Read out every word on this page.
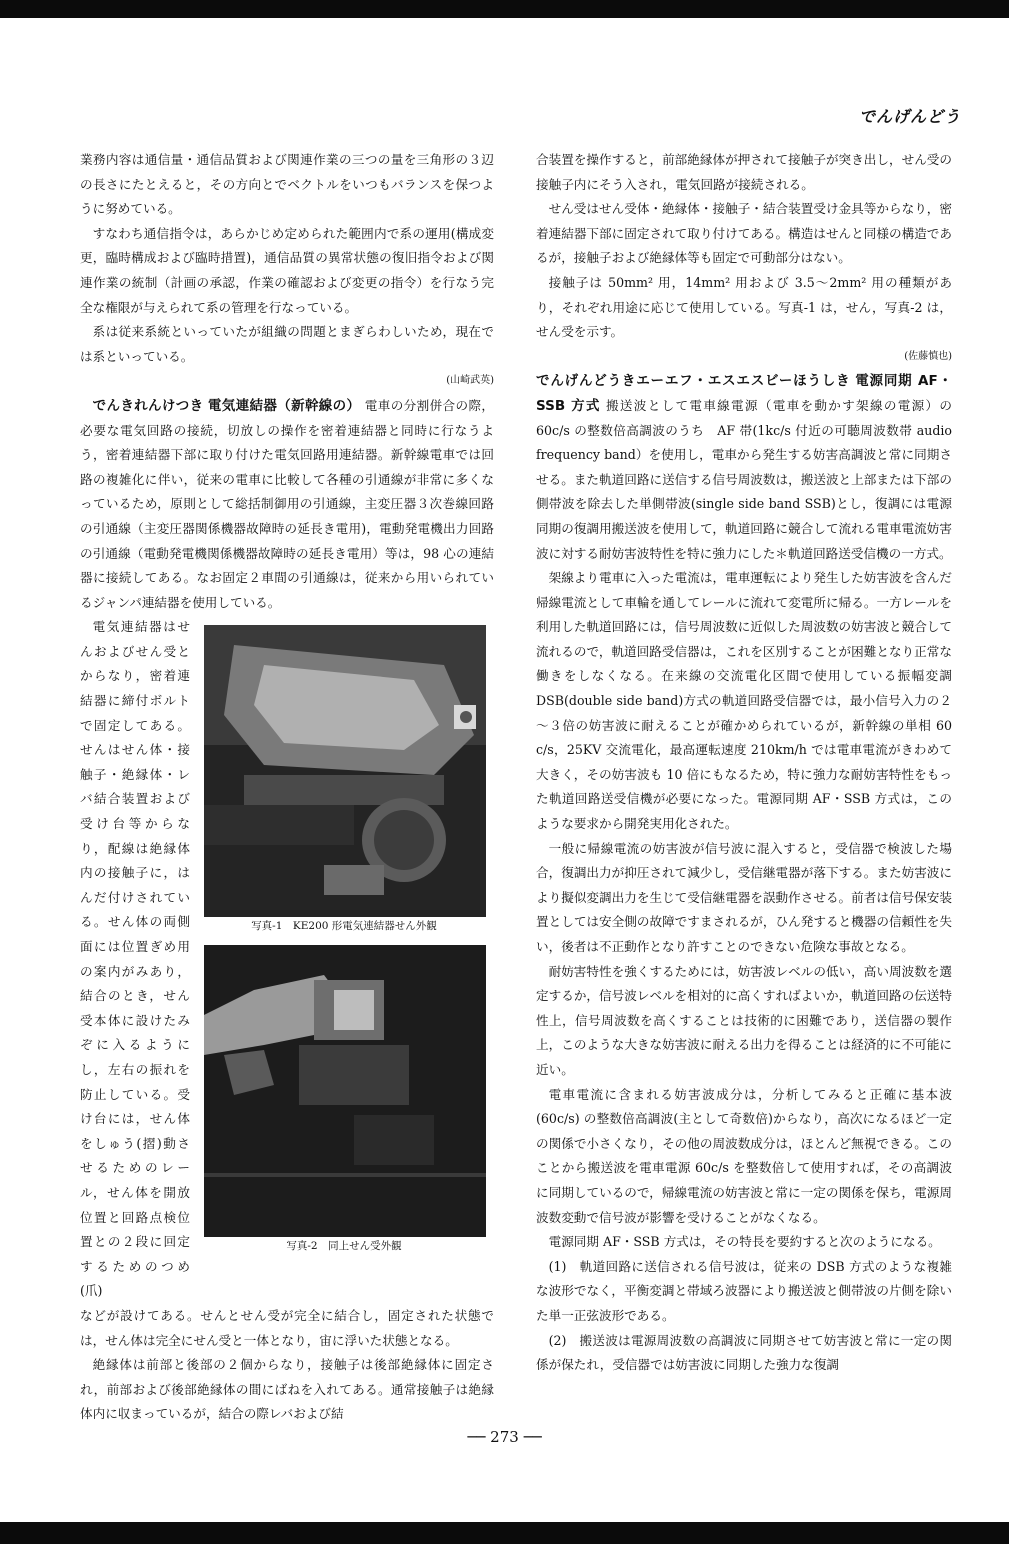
でんげんどう

業務内容は通信量・通信品質および関連作業の三つの量を三角形の３辺の長さにたとえると，その方向とでベクトルをいつもバランスを保つように努めている。

すなわち通信指令は，あらかじめ定められた範囲内で系の運用(構成変更，臨時構成および臨時措置)，通信品質の異常状態の復旧指令および関連作業の統制（計画の承認，作業の確認および変更の指令）を行なう完全な権限が与えられて系の管理を行なっている。

系は従来系統といっていたが組織の問題とまぎらわしいため，現在では系といっている。

(山崎武英)

でんきれんけつき 電気連結器（新幹線の） 電車の分割併合の際，必要な電気回路の接続，切放しの操作を密着連結器と同時に行なうよう，密着連結器下部に取り付けた電気回路用連結器。新幹線電車では回路の複雑化に伴い，従来の電車に比較して各種の引通線が非常に多くなっているため，原則として総括制御用の引通線，主変圧器３次巻線回路の引通線（主変圧器関係機器故障時の延長き電用)，電動発電機出力回路の引通線（電動発電機関係機器故障時の延長き電用）等は，98 心の連結器に接続してある。なお固定２車間の引通線は，従来から用いられているジャンパ連結器を使用している。

電気連結器はせんおよびせん受とからなり，密着連結器に締付ボルトで固定してある。せんはせん体・接触子・絶縁体・レバ結合装置および受け台等からなり，配線は絶縁体内の接触子に，はんだ付けされている。せん体の両側面には位置ぎめ用の案内がみあり，結合のとき，せん受本体に設けたみぞに入るようにし，左右の振れを防止している。受け台には，せん体をしゅう(摺)動させるためのレール，せん体を開放位置と回路点検位置との２段に回定するためのつめ(爪)

写真-1　KE200 形電気連結器せん外観

写真-2　同上せん受外観

などが設けてある。せんとせん受が完全に結合し，固定された状態では，せん体は完全にせん受と一体となり，宙に浮いた状態となる。

絶縁体は前部と後部の２個からなり，接触子は後部絶縁体に固定され，前部および後部絶縁体の間にばねを入れてある。通常接触子は絶縁体内に収まっているが，結合の際レバおよび結

合装置を操作すると，前部絶縁体が押されて接触子が突き出し，せん受の接触子内にそう入され，電気回路が接続される。

せん受はせん受体・絶縁体・接触子・結合装置受け金具等からなり，密着連結器下部に固定されて取り付けてある。構造はせんと同様の構造であるが，接触子および絶縁体等も固定で可動部分はない。

接触子は 50mm² 用，14mm² 用および 3.5～2mm² 用の種類があり，それぞれ用途に応じて使用している。写真-1 は，せん，写真-2 は，せん受を示す。

(佐藤慎也)

でんげんどうきエーエフ・エスエスビーほうしき 電源同期 AF・SSB 方式 搬送波として電車線電源（電車を動かす架線の電源）の 60c/s の整数倍高調波のうち　AF 帯(1kc/s 付近の可聴周波数帯 audio frequency band）を使用し，電車から発生する妨害高調波と常に同期させる。また軌道回路に送信する信号周波数は，搬送波と上部または下部の側帯波を除去した単側帯波(single side band SSB)とし，復調には電源同期の復調用搬送波を使用して，軌道回路に競合して流れる電車電流妨害波に対する耐妨害波特性を特に強力にした＊軌道回路送受信機の一方式。

架線より電車に入った電流は，電車運転により発生した妨害波を含んだ帰線電流として車輪を通してレールに流れて変電所に帰る。一方レールを利用した軌道回路には，信号周波数に近似した周波数の妨害波と競合して流れるので，軌道回路受信器は，これを区別することが困難となり正常な働きをしなくなる。在来線の交流電化区間で使用している振幅変調 DSB(double side band)方式の軌道回路受信器では，最小信号入力の２～３倍の妨害波に耐えることが確かめられているが，新幹線の単相 60 c/s，25KV 交流電化，最高運転速度 210km/h では電車電流がきわめて大きく，その妨害波も 10 倍にもなるため，特に強力な耐妨害特性をもった軌道回路送受信機が必要になった。電源同期 AF・SSB 方式は，このような要求から開発実用化された。

一般に帰線電流の妨害波が信号波に混入すると，受信器で検波した場合，復調出力が抑圧されて減少し，受信継電器が落下する。また妨害波により擬似変調出力を生じて受信継電器を誤動作させる。前者は信号保安装置としては安全側の故障ですまされるが，ひん発すると機器の信頼性を失い，後者は不正動作となり許すことのできない危険な事故となる。

耐妨害特性を強くするためには，妨害波レベルの低い，高い周波数を選定するか，信号波レベルを相対的に高くすればよいか，軌道回路の伝送特性上，信号周波数を高くすることは技術的に困難であり，送信器の製作上，このような大きな妨害波に耐える出力を得ることは経済的に不可能に近い。

電車電流に含まれる妨害波成分は，分析してみると正確に基本波 (60c/s) の整数倍高調波(主として奇数倍)からなり，高次になるほど一定の関係で小さくなり，その他の周波数成分は，ほとんど無視できる。このことから搬送波を電車電源 60c/s を整数倍して使用すれば，その高調波に同期しているので，帰線電流の妨害波と常に一定の関係を保ち，電源周波数変動で信号波が影響を受けることがなくなる。

電源同期 AF・SSB 方式は，その特長を要約すると次のようになる。

(1)　軌道回路に送信される信号波は，従来の DSB 方式のような複雑な波形でなく，平衡変調と帯域ろ波器により搬送波と側帯波の片側を除いた単一正弦波形である。

(2)　搬送波は電源周波数の高調波に同期させて妨害波と常に一定の関係が保たれ，受信器では妨害波に同期した強力な復調

── 273 ──
